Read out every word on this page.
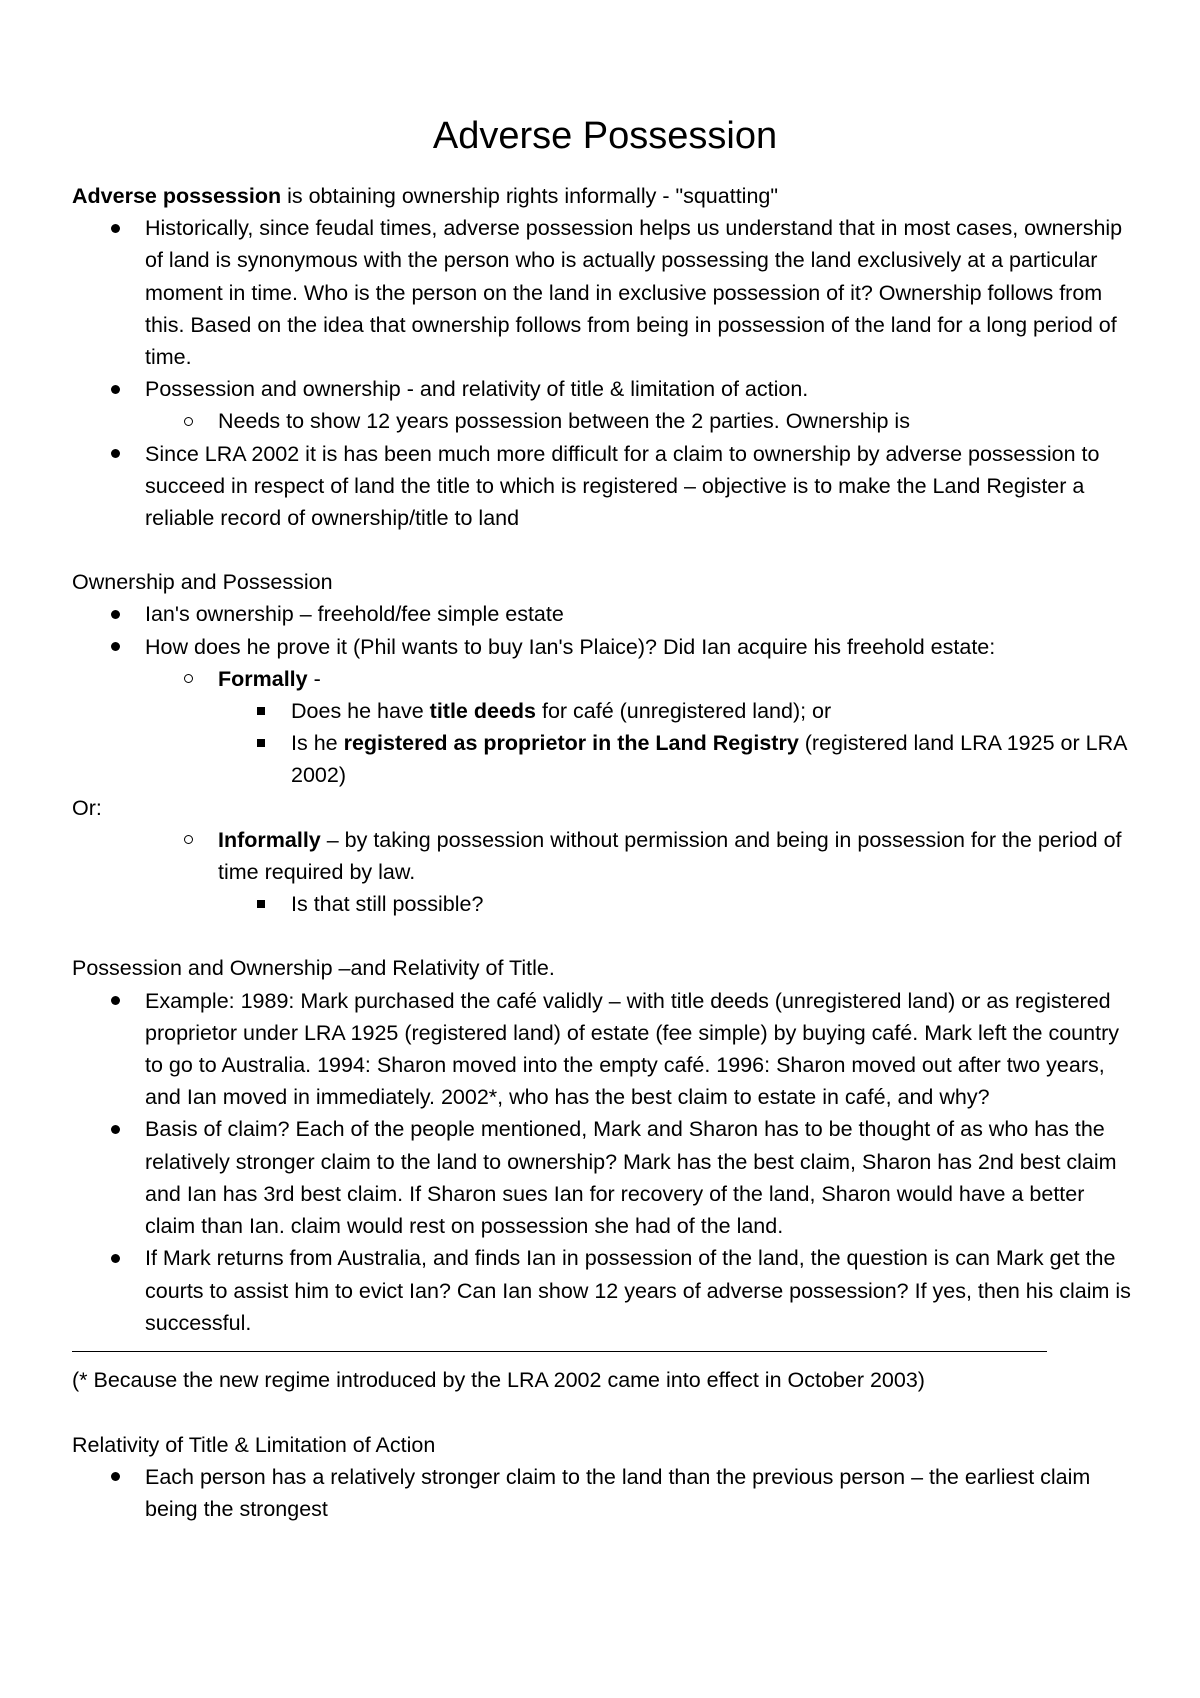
Adverse Possession

Adverse possession is obtaining ownership rights informally - "squatting"

Historically, since feudal times, adverse possession helps us understand that in most cases, ownership of land is synonymous with the person who is actually possessing the land exclusively at a particular moment in time. Who is the person on the land in exclusive possession of it? Ownership follows from this. Based on the idea that ownership follows from being in possession of the land for a long period of time.
Possession and ownership - and relativity of title & limitation of action.
Needs to show 12 years possession between the 2 parties. Ownership is
Since LRA 2002 it is has been much more difficult for a claim to ownership by adverse possession to succeed in respect of land the title to which is registered – objective is to make the Land Register a reliable record of ownership/title to land

Ownership and Possession

Ian's ownership – freehold/fee simple estate
How does he prove it (Phil wants to buy Ian's Plaice)? Did Ian acquire his freehold estate:
Formally -
Does he have title deeds for café (unregistered land); or
Is he registered as proprietor in the Land Registry (registered land LRA 1925 or LRA 2002)

Or:

Informally – by taking possession without permission and being in possession for the period of time required by law.
Is that still possible?

Possession and Ownership –and Relativity of Title.

Example: 1989: Mark purchased the café validly – with title deeds (unregistered land) or as registered proprietor under LRA 1925 (registered land) of estate (fee simple) by buying café. Mark left the country to go to Australia. 1994: Sharon moved into the empty café. 1996: Sharon moved out after two years, and Ian moved in immediately. 2002*, who has the best claim to estate in café, and why?
Basis of claim? Each of the people mentioned, Mark and Sharon has to be thought of as who has the relatively stronger claim to the land to ownership? Mark has the best claim, Sharon has 2nd best claim and Ian has 3rd best claim. If Sharon sues Ian for recovery of the land, Sharon would have a better claim than Ian. claim would rest on possession she had of the land.
If Mark returns from Australia, and finds Ian in possession of the land, the question is can Mark get the courts to assist him to evict Ian? Can Ian show 12 years of adverse possession? If yes, then his claim is successful.

(* Because the new regime introduced by the LRA 2002 came into effect in October 2003)

Relativity of Title & Limitation of Action

Each person has a relatively stronger claim to the land than the previous person – the earliest claim being the strongest
